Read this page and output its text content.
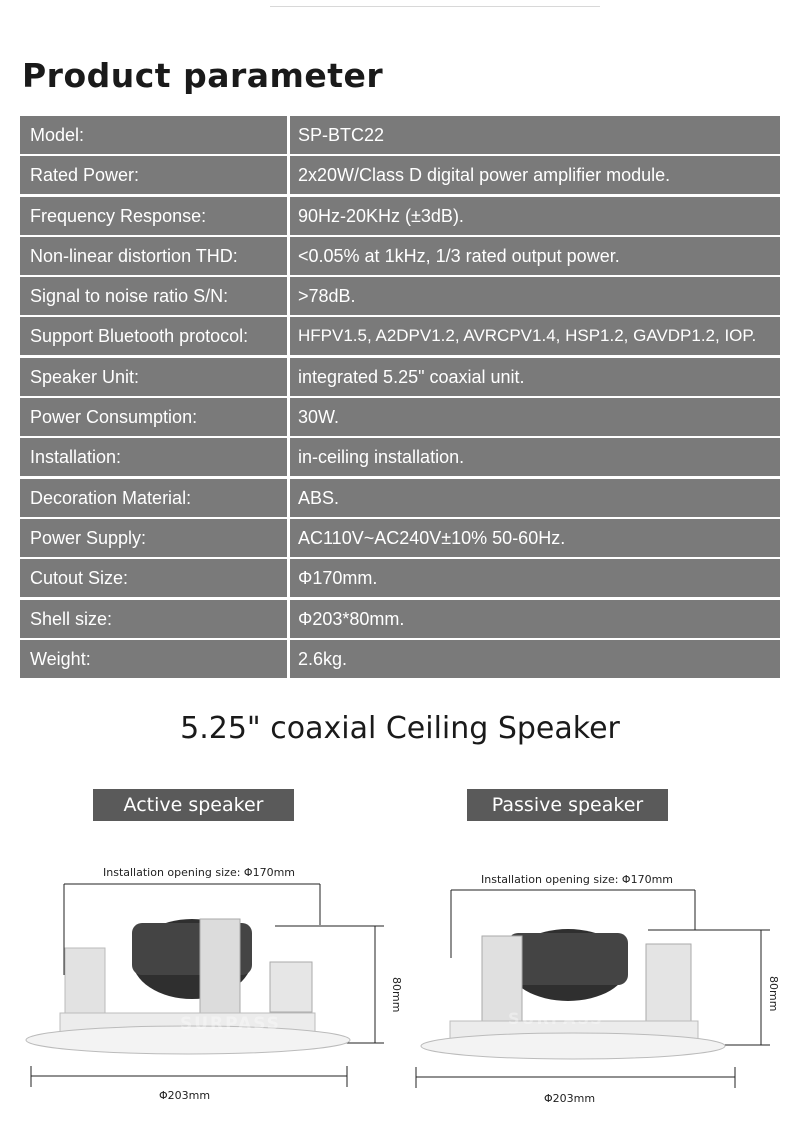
Product parameter
Model:	SP-BTC22
Rated Power:	2x20W/Class D digital power amplifier module.
Frequency Response:	90Hz-20KHz (±3dB).
Non-linear distortion THD:	<0.05% at 1kHz, 1/3 rated output power.
Signal to noise ratio S/N:	>78dB.
Support Bluetooth protocol:	HFPV1.5, A2DPV1.2, AVRCPV1.4, HSP1.2, GAVDP1.2, IOP.
Speaker Unit:	integrated 5.25" coaxial unit.
Power Consumption:	30W.
Installation:	in-ceiling installation.
Decoration Material:	ABS.
Power Supply:	AC110V~AC240V±10% 50-60Hz.
Cutout Size:	Φ170mm.
Shell size:	Φ203*80mm.
Weight:	2.6kg.
5.25" coaxial Ceiling Speaker
Active speaker	Passive speaker
Installation opening size: Φ170mm
80mm
SURPASS
Φ203mm
Installation opening size: Φ170mm
80mm
SURPASS
Φ203mm
